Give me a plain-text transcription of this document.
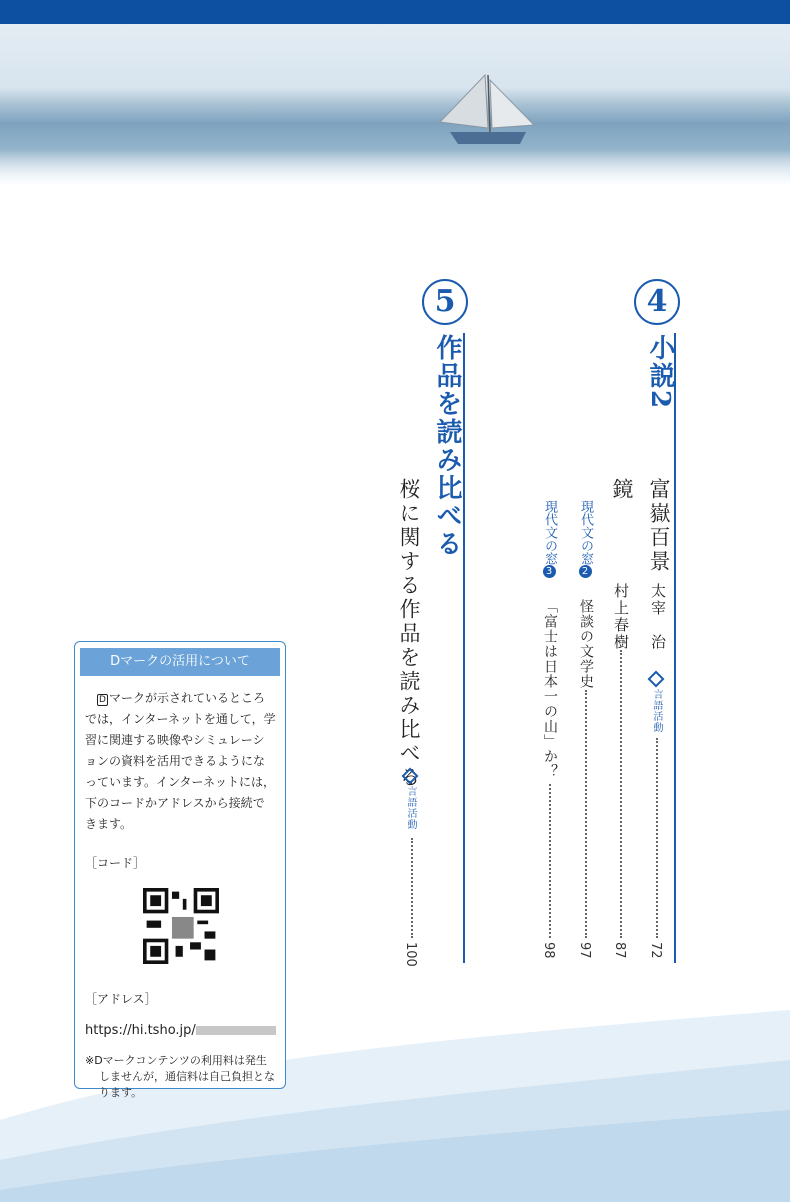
4
小説2
富嶽百景
太宰　治
言語活動
72
鏡
村上春樹
87
現代文の窓2
怪談の文学史
97
現代文の窓3
「富士は日本一の山」か？
98
5
作品を読み比べる
桜に関する作品を読み比べる
言語活動
100
Dマークの活用について

D マークが示されているところでは，インターネットを通して，学習に関連する映像やシミュレーションの資料を活用できるようになっています。インターネットには，下のコードかアドレスから接続できます。

［コード］
［アドレス］
https://hi.tsho.jp/
※Dマークコンテンツの利用料は発生しませんが，通信料は自己負担となります。
